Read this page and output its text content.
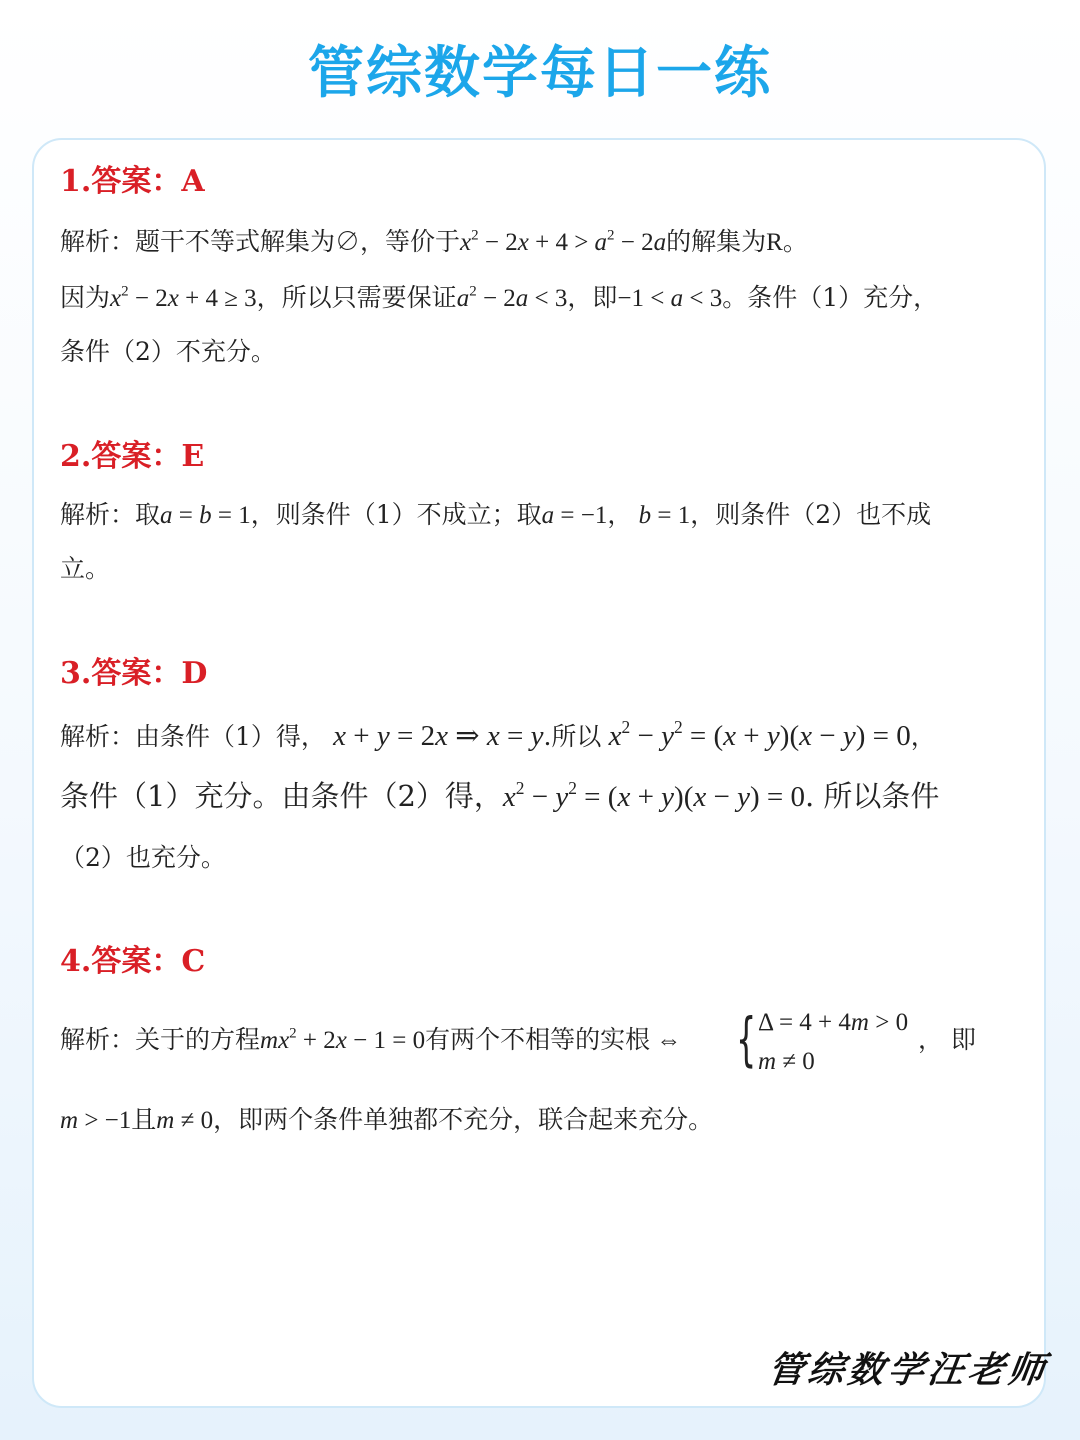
管综数学每日一练
1.答案：A
解析：题干不等式解集为∅，等价于$x^2 - 2x + 4 > a^2 - 2a$的解集为R。
因为$x^2 - 2x + 4 \ge 3$，所以只需要保证$a^2 - 2a < 3$，即−1 < a < 3。条件（1）充分，
条件（2）不充分。
2.答案：E
解析：取a = b = 1，则条件（1）不成立；取a = −1， b = 1，则条件（2）也不成
立。
3.答案：D
解析：由条件（1）得， x + y = 2x ⇒ x = y.所以 $x^2 - y^2 = (x + y)(x - y) = 0$，
条件（1）充分。由条件（2）得，$x^2 - y^2 = (x + y)(x - y) = 0$. 所以条件
（2）也充分。
4.答案：C
解析：关于的方程$mx^2 + 2x - 1 = 0$有两个不相等的实根 ⇔ { Δ = 4 + 4m > 0
m ≠ 0
， 即
m > −1且m ≠ 0，即两个条件单独都不充分，联合起来充分。
管综数学汪老师
